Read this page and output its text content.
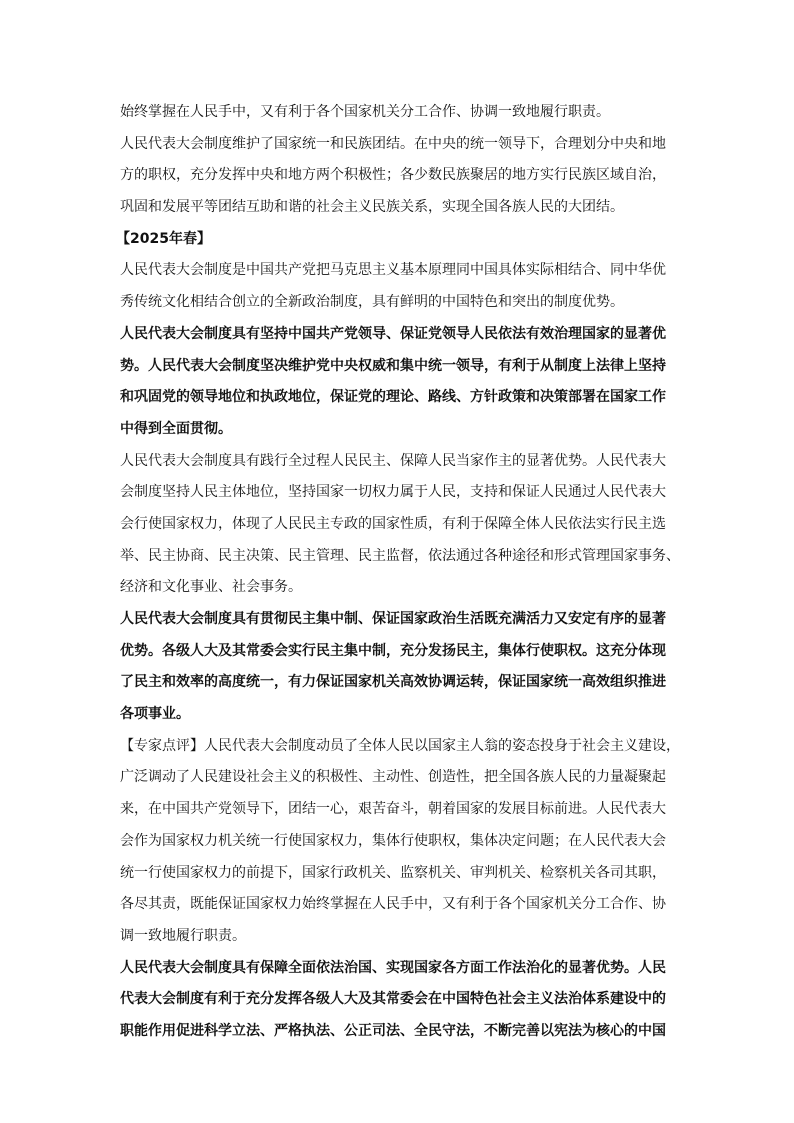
始终掌握在人民手中，又有利于各个国家机关分工合作、协调一致地履行职责。
人民代表大会制度维护了国家统一和民族团结。在中央的统一领导下，合理划分中央和地
方的职权，充分发挥中央和地方两个积极性；各少数民族聚居的地方实行民族区域自治，
巩固和发展平等团结互助和谐的社会主义民族关系，实现全国各族人民的大团结。
【2025年春】
人民代表大会制度是中国共产党把马克思主义基本原理同中国具体实际相结合、同中华优
秀传统文化相结合创立的全新政治制度，具有鲜明的中国特色和突出的制度优势。
人民代表大会制度具有坚持中国共产党领导、保证党领导人民依法有效治理国家的显著优
势。人民代表大会制度坚决维护党中央权威和集中统一领导，有利于从制度上法律上坚持
和巩固党的领导地位和执政地位，保证党的理论、路线、方针政策和决策部署在国家工作
中得到全面贯彻。
人民代表大会制度具有践行全过程人民民主、保障人民当家作主的显著优势。人民代表大
会制度坚持人民主体地位，坚持国家一切权力属于人民，支持和保证人民通过人民代表大
会行使国家权力，体现了人民民主专政的国家性质，有利于保障全体人民依法实行民主选
举、民主协商、民主决策、民主管理、民主监督，依法通过各种途径和形式管理国家事务、
经济和文化事业、社会事务。
人民代表大会制度具有贯彻民主集中制、保证国家政治生活既充满活力又安定有序的显著
优势。各级人大及其常委会实行民主集中制，充分发扬民主，集体行使职权。这充分体现
了民主和效率的高度统一，有力保证国家机关高效协调运转，保证国家统一高效组织推进
各项事业。
【专家点评】人民代表大会制度动员了全体人民以国家主人翁的姿态投身于社会主义建设，
广泛调动了人民建设社会主义的积极性、主动性、创造性，把全国各族人民的力量凝聚起
来，在中国共产党领导下，团结一心，艰苦奋斗，朝着国家的发展目标前进。人民代表大
会作为国家权力机关统一行使国家权力，集体行使职权，集体决定问题；在人民代表大会
统一行使国家权力的前提下，国家行政机关、监察机关、审判机关、检察机关各司其职，
各尽其责，既能保证国家权力始终掌握在人民手中，又有利于各个国家机关分工合作、协
调一致地履行职责。
人民代表大会制度具有保障全面依法治国、实现国家各方面工作法治化的显著优势。人民
代表大会制度有利于充分发挥各级人大及其常委会在中国特色社会主义法治体系建设中的
职能作用促进科学立法、严格执法、公正司法、全民守法，不断完善以宪法为核心的中国
